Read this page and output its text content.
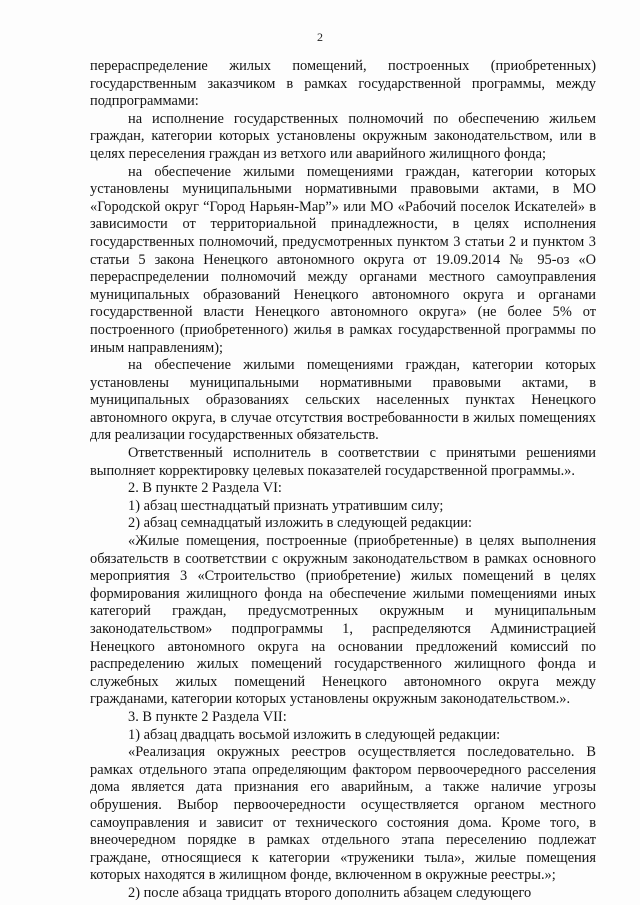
2

перераспределение жилых помещений, построенных (приобретенных) государственным заказчиком в рамках государственной программы, между подпрограммами:

на исполнение государственных полномочий по обеспечению жильем граждан, категории которых установлены окружным законодательством, или в целях переселения граждан из ветхого или аварийного жилищного фонда;

на обеспечение жилыми помещениями граждан, категории которых установлены муниципальными нормативными правовыми актами, в МО «Городской округ “Город Нарьян-Мар”» или МО «Рабочий поселок Искателей» в зависимости от территориальной принадлежности, в целях исполнения государственных полномочий, предусмотренных пунктом 3 статьи 2 и пунктом 3 статьи 5 закона Ненецкого автономного округа от 19.09.2014 № 95-оз «О перераспределении полномочий между органами местного самоуправления муниципальных образований Ненецкого автономного округа и органами государственной власти Ненецкого автономного округа» (не более 5% от построенного (приобретенного) жилья в рамках государственной программы по иным направлениям);

на обеспечение жилыми помещениями граждан, категории которых установлены муниципальными нормативными правовыми актами, в муниципальных образованиях сельских населенных пунктах Ненецкого автономного округа, в случае отсутствия востребованности в жилых помещениях для реализации государственных обязательств.

Ответственный исполнитель в соответствии с принятыми решениями выполняет корректировку целевых показателей государственной программы.».

2. В пункте 2 Раздела VI:

1) абзац шестнадцатый признать утратившим силу;

2) абзац семнадцатый изложить в следующей редакции:

«Жилые помещения, построенные (приобретенные) в целях выполнения обязательств в соответствии с окружным законодательством в рамках основного мероприятия 3 «Строительство (приобретение) жилых помещений в целях формирования жилищного фонда на обеспечение жилыми помещениями иных категорий граждан, предусмотренных окружным и муниципальным законодательством» подпрограммы 1, распределяются Администрацией Ненецкого автономного округа на основании предложений комиссий по распределению жилых помещений государственного жилищного фонда и служебных жилых помещений Ненецкого автономного округа между гражданами, категории которых установлены окружным законодательством.».

3. В пункте 2 Раздела VII:

1) абзац двадцать восьмой изложить в следующей редакции:

«Реализация окружных реестров осуществляется последовательно. В рамках отдельного этапа определяющим фактором первоочередного расселения дома является дата признания его аварийным, а также наличие угрозы обрушения. Выбор первоочередности осуществляется органом местного самоуправления и зависит от технического состояния дома. Кроме того, в внеочередном порядке в рамках отдельного этапа переселению подлежат граждане, относящиеся к категории «труженики тыла», жилые помещения которых находятся в жилищном фонде, включенном в окружные реестры.»;

2) после абзаца тридцать второго дополнить абзацем следующего
